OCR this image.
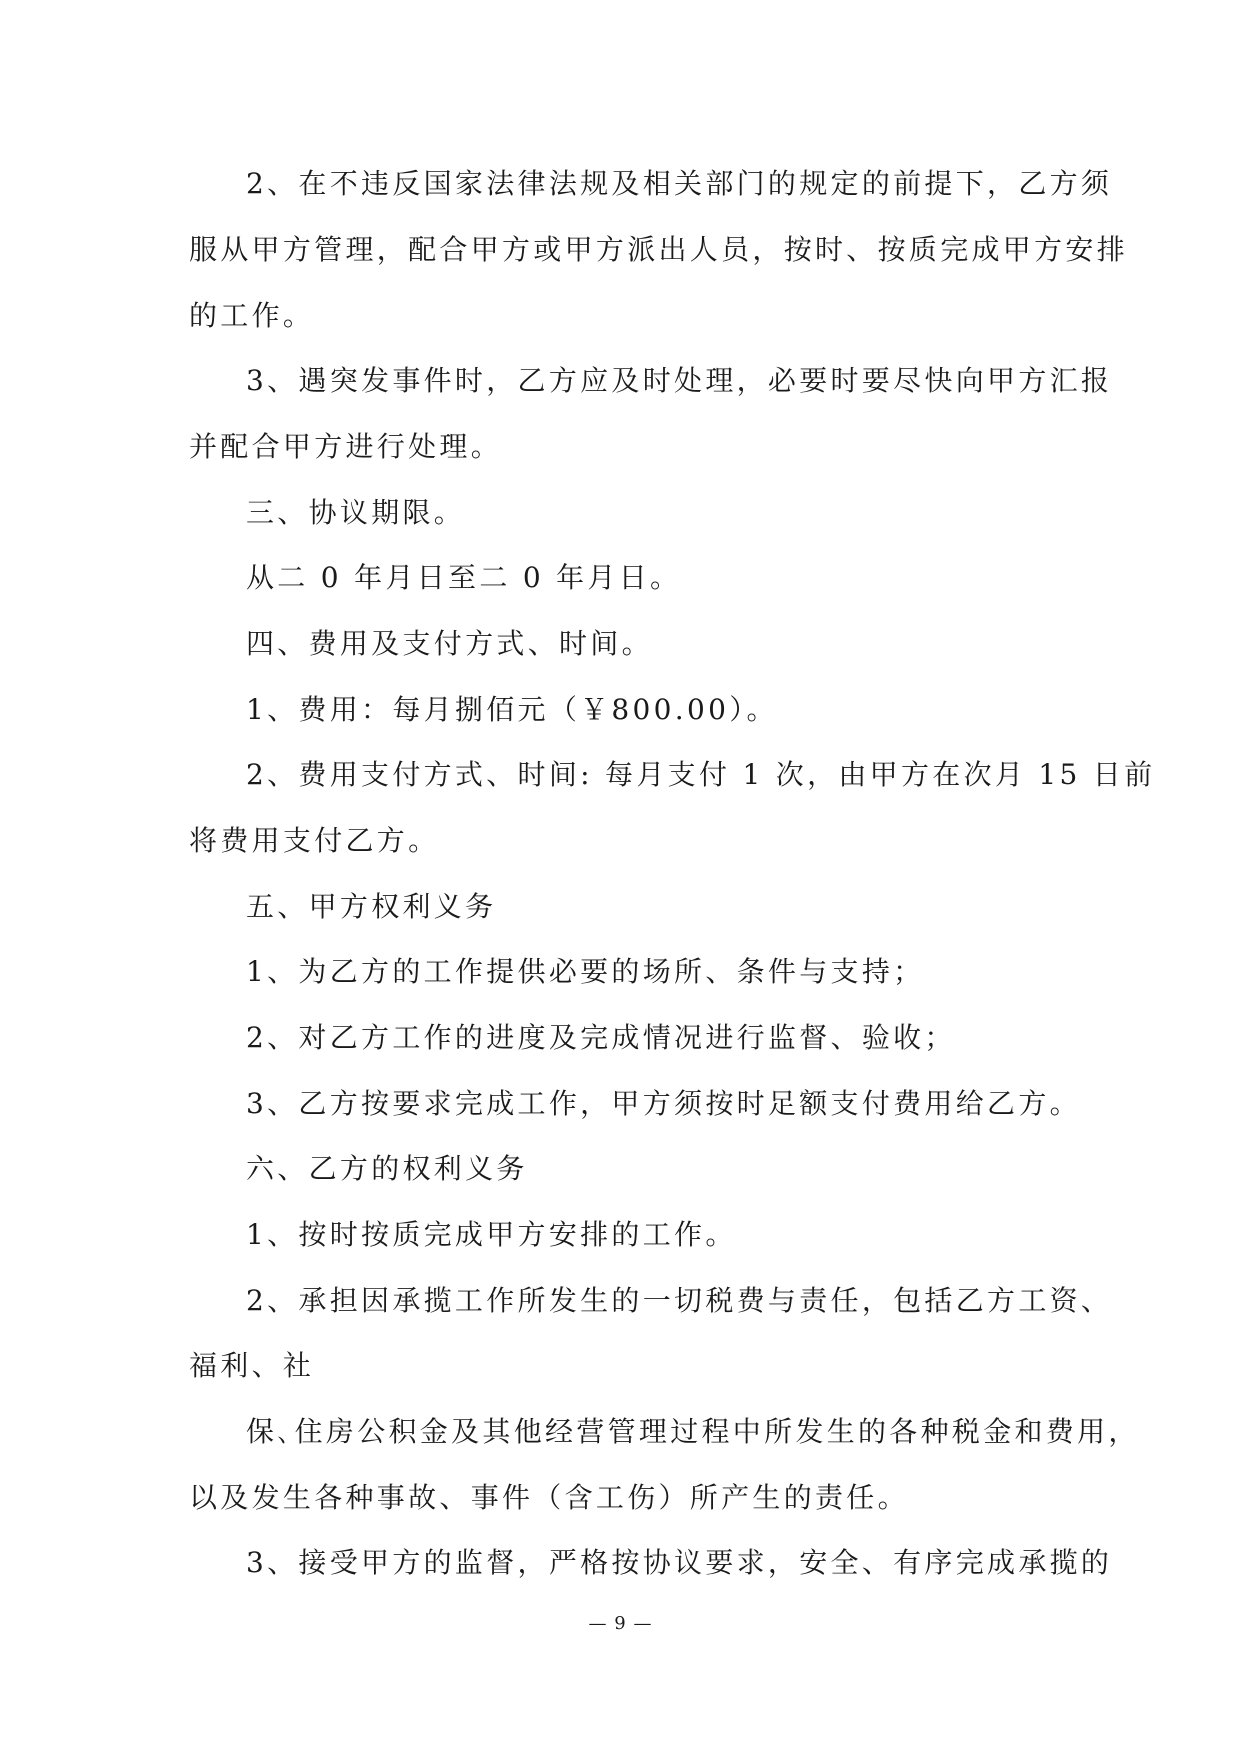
2、在不违反国家法律法规及相关部门的规定的前提下，乙方须
服从甲方管理，配合甲方或甲方派出人员，按时、按质完成甲方安排
的工作。
3、遇突发事件时，乙方应及时处理，必要时要尽快向甲方汇报
并配合甲方进行处理。
三、协议期限。
从二 0 年月日至二 0 年月日。
四、费用及支付方式、时间。
1、费用：每月捌佰元（￥800.00）。
2、费用支付方式、时间: 每月支付 1 次，由甲方在次月 15 日前
将费用支付乙方。
五、甲方权利义务
1、为乙方的工作提供必要的场所、条件与支持；
2、对乙方工作的进度及完成情况进行监督、验收；
3、乙方按要求完成工作，甲方须按时足额支付费用给乙方。
六、乙方的权利义务
1、按时按质完成甲方安排的工作。
2、承担因承揽工作所发生的一切税费与责任，包括乙方工资、
福利、社
保､住房公积金及其他经营管理过程中所发生的各种税金和费用，
以及发生各种事故、事件（含工伤）所产生的责任。
3、接受甲方的监督，严格按协议要求，安全、有序完成承揽的
— 9 —
